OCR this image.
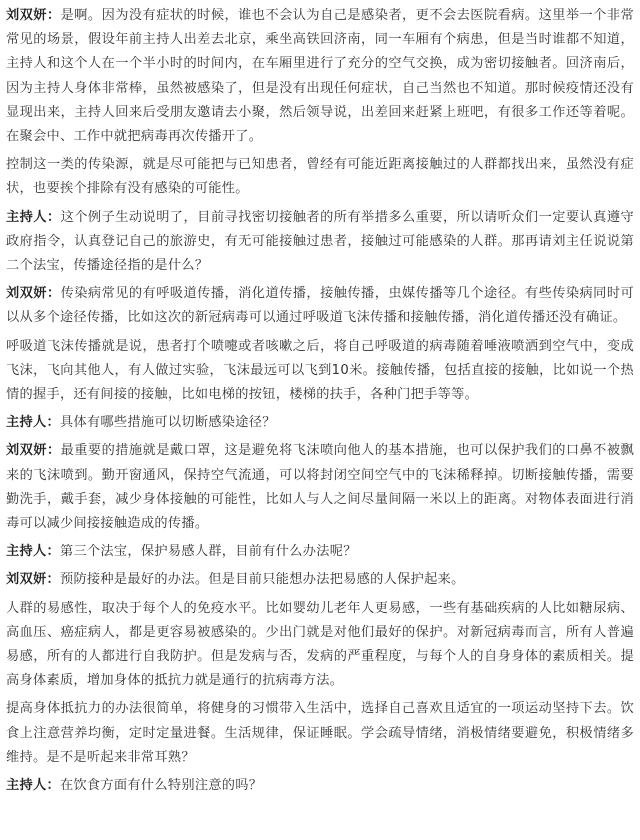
刘双妍：是啊。因为没有症状的时候，谁也不会认为自己是感染者，更不会去医院看病。这里举一个非常常见的场景，假设年前主持人出差去北京，乘坐高铁回济南，同一车厢有个病患，但是当时谁都不知道，主持人和这个人在一个半小时的时间内，在车厢里进行了充分的空气交换，成为密切接触者。回济南后，因为主持人身体非常棒，虽然被感染了，但是没有出现任何症状，自己当然也不知道。那时候疫情还没有显现出来，主持人回来后受朋友邀请去小聚，然后领导说，出差回来赶紧上班吧，有很多工作还等着呢。在聚会中、工作中就把病毒再次传播开了。

控制这一类的传染源，就是尽可能把与已知患者，曾经有可能近距离接触过的人群都找出来，虽然没有症状，也要挨个排除有没有感染的可能性。

主持人：这个例子生动说明了，目前寻找密切接触者的所有举措多么重要，所以请听众们一定要认真遵守政府指令，认真登记自己的旅游史，有无可能接触过患者，接触过可能感染的人群。那再请刘主任说说第二个法宝，传播途径指的是什么？

刘双妍：传染病常见的有呼吸道传播，消化道传播，接触传播，虫媒传播等几个途径。有些传染病同时可以从多个途径传播，比如这次的新冠病毒可以通过呼吸道飞沫传播和接触传播，消化道传播还没有确证。

呼吸道飞沫传播就是说，患者打个喷嚏或者咳嗽之后，将自己呼吸道的病毒随着唾液喷洒到空气中，变成飞沫，飞向其他人，有人做过实验，飞沫最远可以飞到10米。接触传播，包括直接的接触，比如说一个热情的握手，还有间接的接触，比如电梯的按钮，楼梯的扶手，各种门把手等等。

主持人：具体有哪些措施可以切断感染途径？

刘双妍：最重要的措施就是戴口罩，这是避免将飞沫喷向他人的基本措施，也可以保护我们的口鼻不被飘来的飞沫喷到。勤开窗通风，保持空气流通，可以将封闭空间空气中的飞沫稀释掉。切断接触传播，需要勤洗手，戴手套，减少身体接触的可能性，比如人与人之间尽量间隔一米以上的距离。对物体表面进行消毒可以减少间接接触造成的传播。

主持人：第三个法宝，保护易感人群，目前有什么办法呢？

刘双妍：预防接种是最好的办法。但是目前只能想办法把易感的人保护起来。

人群的易感性，取决于每个人的免疫水平。比如婴幼儿老年人更易感，一些有基础疾病的人比如糖尿病、高血压、癌症病人，都是更容易被感染的。少出门就是对他们最好的保护。对新冠病毒而言，所有人普遍易感，所有的人都进行自我防护。但是发病与否，发病的严重程度，与每个人的自身身体的素质相关。提高身体素质，增加身体的抵抗力就是通行的抗病毒方法。

提高身体抵抗力的办法很简单，将健身的习惯带入生活中，选择自己喜欢且适宜的一项运动坚持下去。饮食上注意营养均衡，定时定量进餐。生活规律，保证睡眠。学会疏导情绪，消极情绪要避免，积极情绪多维持。是不是听起来非常耳熟？

主持人：在饮食方面有什么特别注意的吗？
